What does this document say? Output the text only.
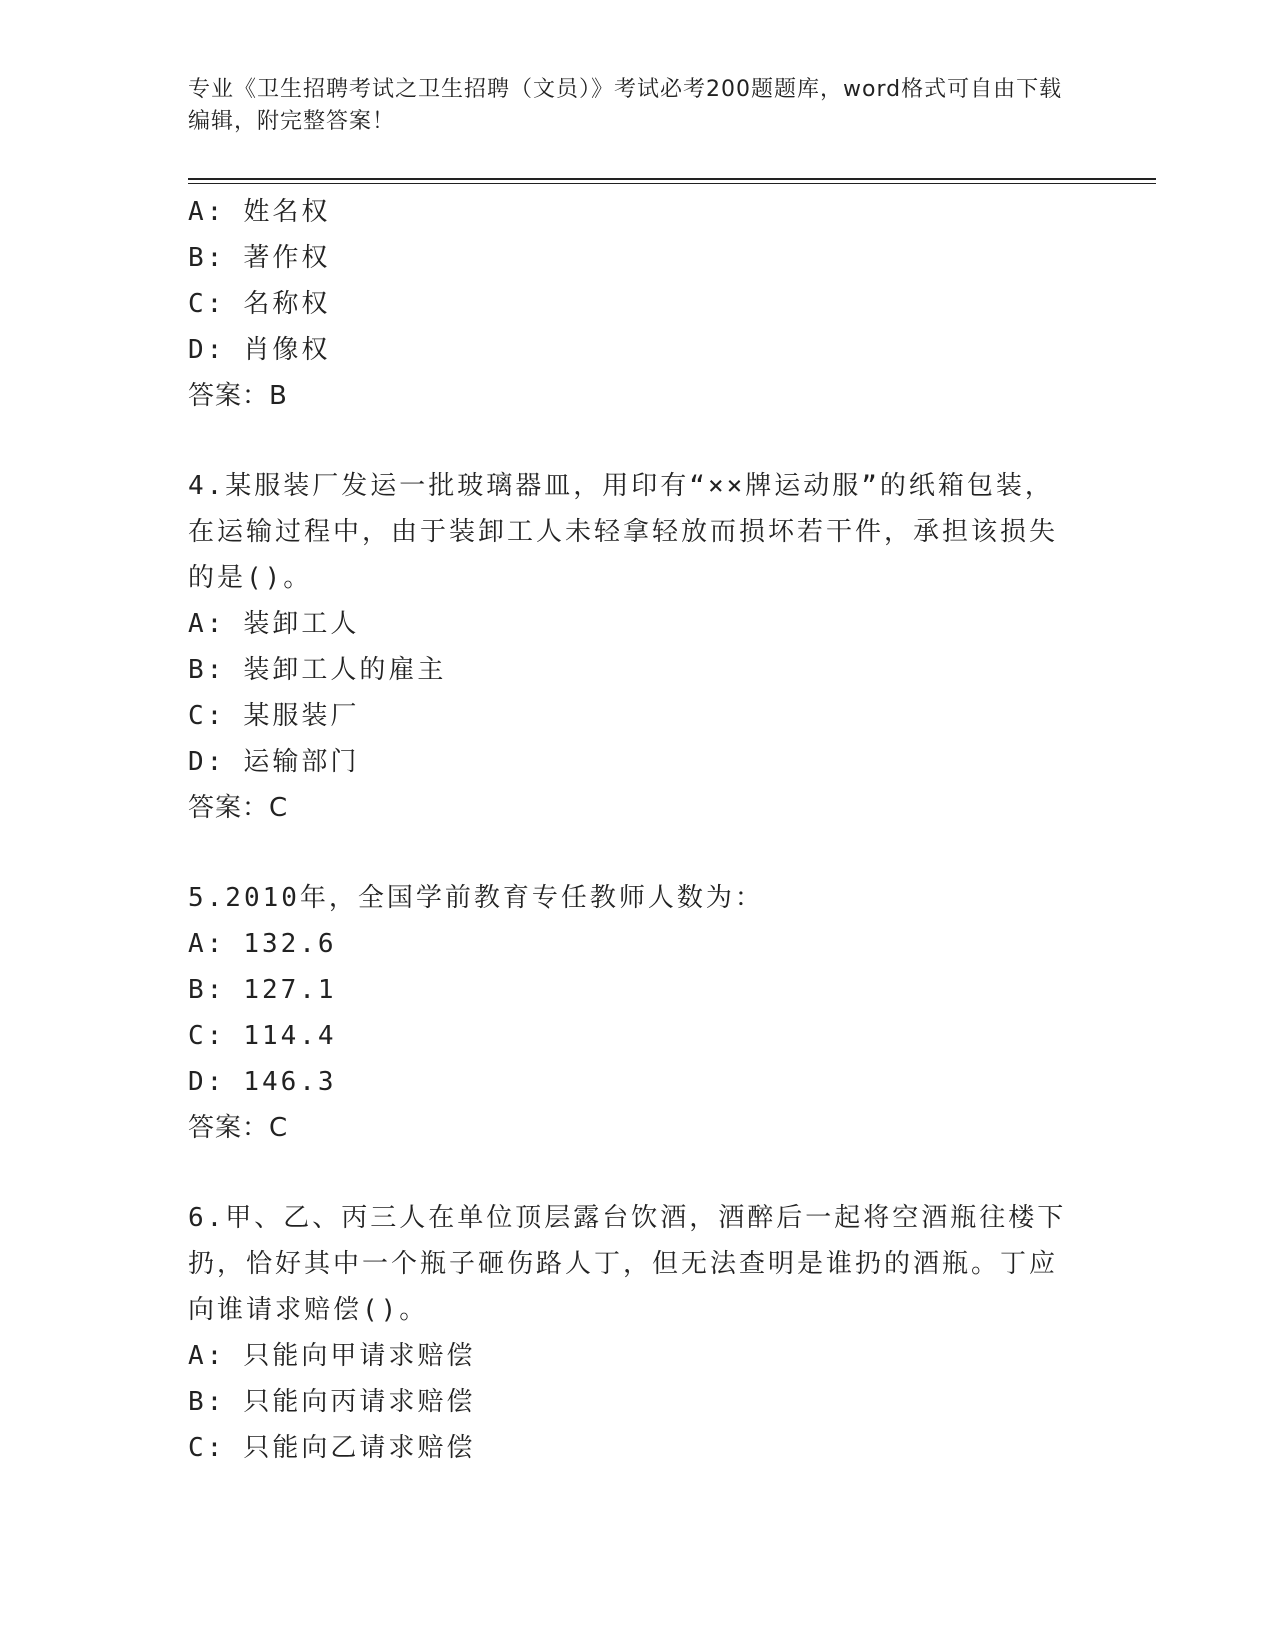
专业《卫生招聘考试之卫生招聘（文员）》考试必考200题题库，word格式可自由下载编辑，附完整答案！
A: 姓名权
B: 著作权
C: 名称权
D: 肖像权
答案：B
4.某服装厂发运一批玻璃器皿，用印有“××牌运动服”的纸箱包装，在运输过程中，由于装卸工人未轻拿轻放而损坏若干件，承担该损失的是()。
A: 装卸工人
B: 装卸工人的雇主
C: 某服装厂
D: 运输部门
答案：C
5.2010年，全国学前教育专任教师人数为：
A: 132.6
B: 127.1
C: 114.4
D: 146.3
答案：C
6.甲、乙、丙三人在单位顶层露台饮酒，酒醉后一起将空酒瓶往楼下扔，恰好其中一个瓶子砸伤路人丁，但无法查明是谁扔的酒瓶。丁应向谁请求赔偿()。
A: 只能向甲请求赔偿
B: 只能向丙请求赔偿
C: 只能向乙请求赔偿
